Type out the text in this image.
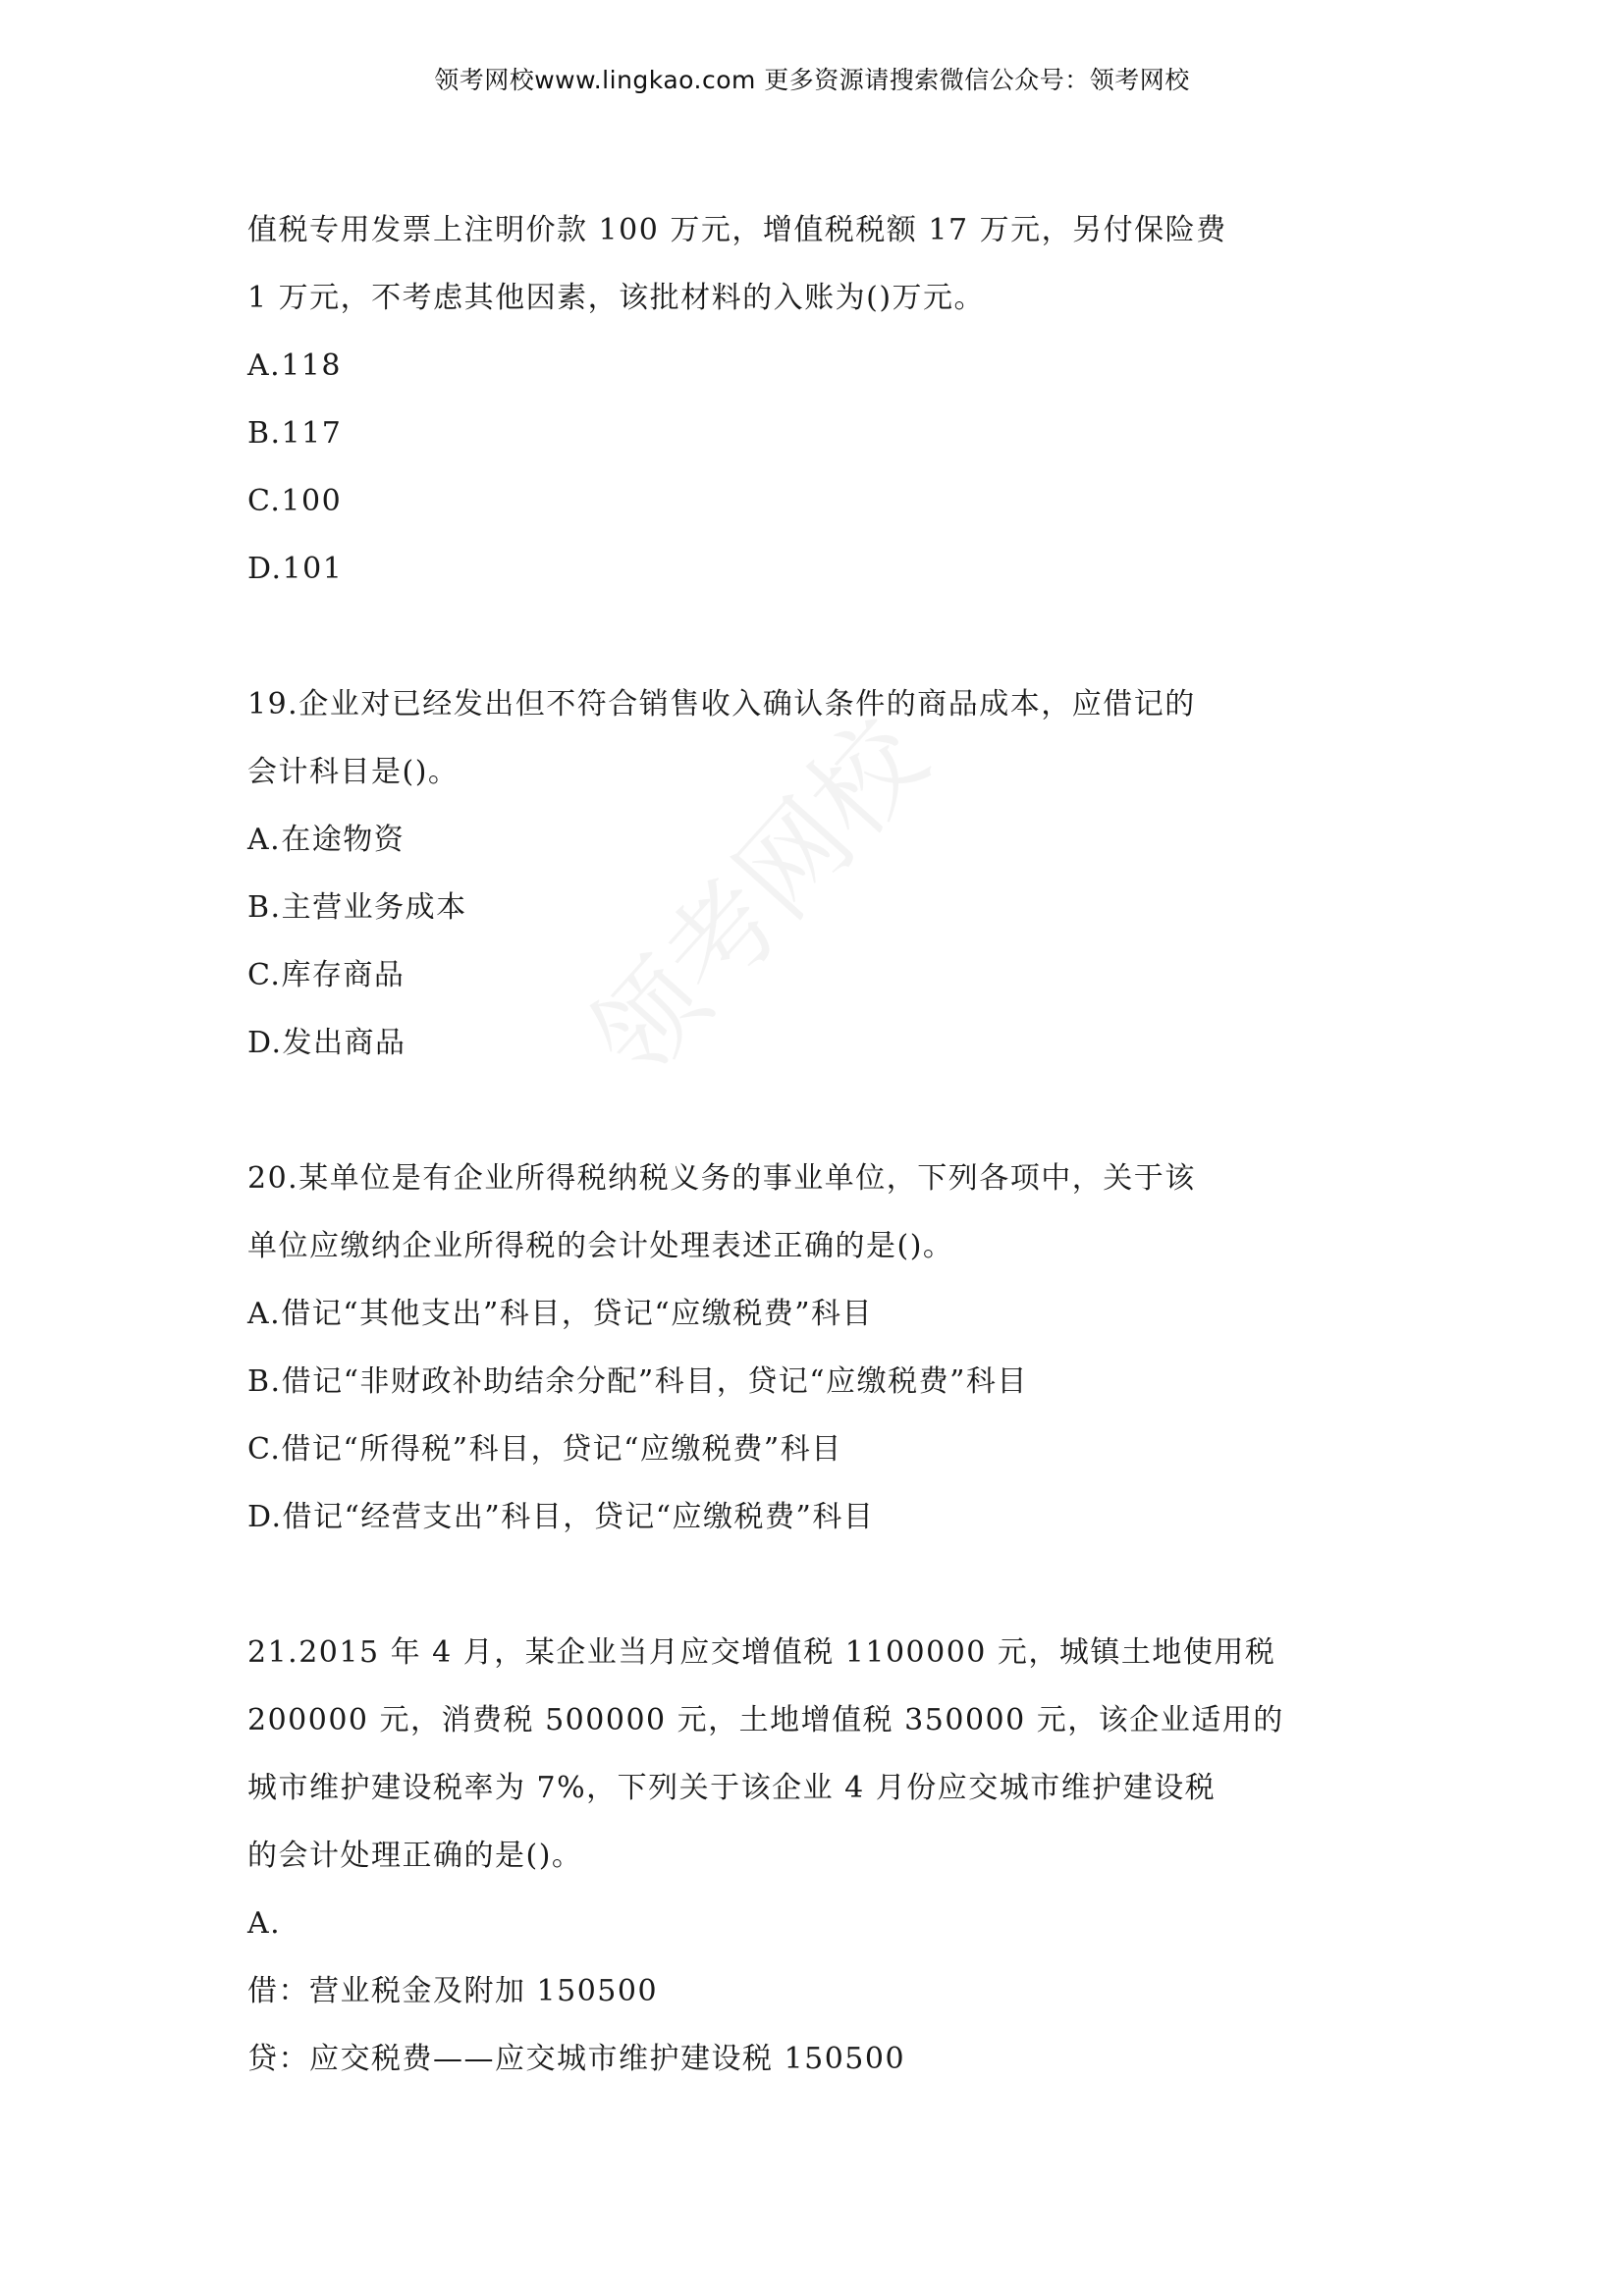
领考网校www.lingkao.com 更多资源请搜索微信公众号：领考网校
值税专用发票上注明价款 100 万元，增值税税额 17 万元，另付保险费
1 万元，不考虑其他因素，该批材料的入账为()万元。
A.118
B.117
C.100
D.101
19.企业对已经发出但不符合销售收入确认条件的商品成本，应借记的
会计科目是()。
A.在途物资
B.主营业务成本
C.库存商品
D.发出商品
20.某单位是有企业所得税纳税义务的事业单位，下列各项中，关于该
单位应缴纳企业所得税的会计处理表述正确的是()。
A.借记“其他支出”科目，贷记“应缴税费”科目
B.借记“非财政补助结余分配”科目，贷记“应缴税费”科目
C.借记“所得税”科目，贷记“应缴税费”科目
D.借记“经营支出”科目，贷记“应缴税费”科目
21.2015 年 4 月，某企业当月应交增值税 1100000 元，城镇土地使用税
200000 元，消费税 500000 元，土地增值税 350000 元，该企业适用的
城市维护建设税率为 7%，下列关于该企业 4 月份应交城市维护建设税
的会计处理正确的是()。
A.
借：营业税金及附加 150500
贷：应交税费——应交城市维护建设税 150500
